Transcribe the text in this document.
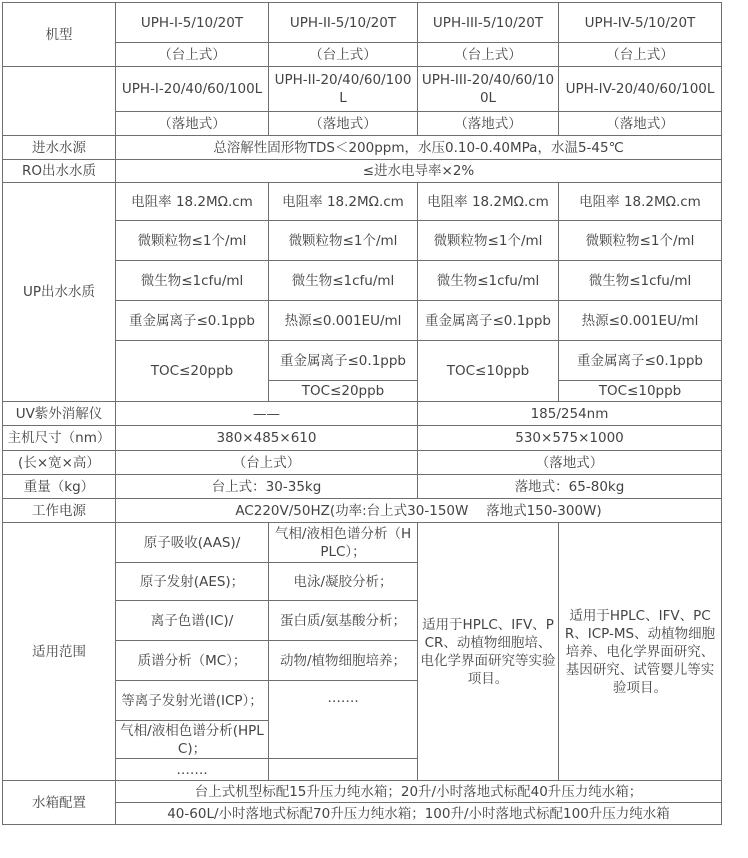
机型	UPH-I-5/10/20T	UPH-II-5/10/20T	UPH-III-5/10/20T	UPH-IV-5/10/20T
	（台上式）	（台上式）	（台上式）	（台上式）
	UPH-I-20/40/60/100L	UPH-II-20/40/60/100L	UPH-III-20/40/60/100L	UPH-IV-20/40/60/100L
	（落地式）	（落地式）	（落地式）	（落地式）
进水水源	总溶解性固形物TDS＜200ppm，水压0.10-0.40MPa，水温5-45℃			
RO出水水质	≤进水电导率×2%			
UP出水水质	电阻率 18.2MΩ.cm	电阻率 18.2MΩ.cm	电阻率 18.2MΩ.cm	电阻率 18.2MΩ.cm
	微颗粒物≤1个/ml	微颗粒物≤1个/ml	微颗粒物≤1个/ml	微颗粒物≤1个/ml
	微生物≤1cfu/ml	微生物≤1cfu/ml	微生物≤1cfu/ml	微生物≤1cfu/ml
	重金属离子≤0.1ppb	热源≤0.001EU/ml	重金属离子≤0.1ppb	热源≤0.001EU/ml
	TOC≤20ppb	重金属离子≤0.1ppb	TOC≤10ppb	重金属离子≤0.1ppb
		TOC≤20ppb		TOC≤10ppb
UV紫外消解仪	——		185/254nm	
主机尺寸（nm）	380×485×610		530×575×1000	
(长×宽×高）	（台上式）		（落地式）	
重量（kg）	台上式：30-35kg		落地式：65-80kg	
工作电源	AC220V/50HZ(功率:台上式30-150W　 落地式150-300W)			
适用范围	原子吸收(AAS)/	气相/液相色谱分析（HPLC）；	适用于HPLC、IFV、PCR、动植物细胞培、电化学界面研究等实验项目。	适用于HPLC、IFV、PCR、ICP-MS、动植物细胞培养、电化学界面研究、基因研究、试管婴儿等实验项目。
	原子发射(AES)；	电泳/凝胶分析；		
	离子色谱(IC)/	蛋白质/氨基酸分析；		
	质谱分析（MC）；	动物/植物细胞培养；		
	等离子发射光谱(ICP）；	…….		
	气相/液相色谱分析(HPLC)；			
	…….			
水箱配置	台上式机型标配15升压力纯水箱；20升/小时落地式标配40升压力纯水箱；			
	40-60L/小时落地式标配70升压力纯水箱；100升/小时落地式标配100升压力纯水箱			
